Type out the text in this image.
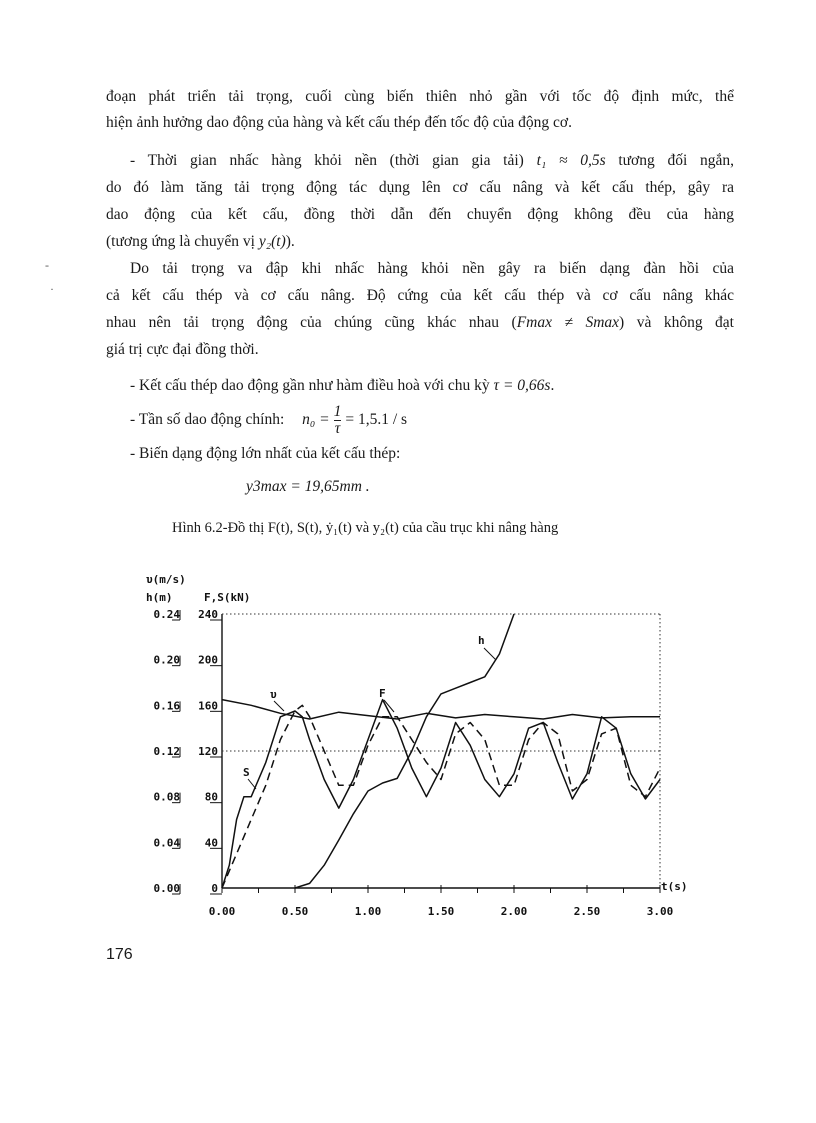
đoạn phát triển tải trọng, cuối cùng biến thiên nhỏ gần với tốc độ định mức, thể
hiện ảnh hưởng dao động của hàng và kết cấu thép đến tốc độ của động cơ.
- Thời gian nhấc hàng khỏi nền (thời gian gia tải) t₁ ≈ 0,5s tương đối ngắn,
do đó làm tăng tải trọng động tác dụng lên cơ cấu nâng và kết cấu thép, gây ra
dao động của kết cấu, đồng thời dẫn đến chuyển động không đều của hàng
(tương ứng là chuyển vị y₂(t)).
Do tải trọng va đập khi nhấc hàng khỏi nền gây ra biến dạng đàn hồi của
cả kết cấu thép và cơ cấu nâng. Độ cứng của kết cấu thép và cơ cấu nâng khác
nhau nên tải trọng động của chúng cũng khác nhau (Fmax ≠ Smax) và không đạt
giá trị cực đại đồng thời.
- Kết cấu thép dao động gần như hàm điều hoà với chu kỳ τ = 0,66s.
- Tần số dao động chính: $n_0 = \frac{1}{\tau} = 1,5.1 / s$
- Biến dạng động lớn nhất của kết cấu thép:
y3max = 19,65mm .
Hình 6.2-Đồ thị F(t), S(t), ẏ₁(t) và y₂(t) của cầu trục khi nâng hàng
0.00
0.04
0.08
0.12
0.16
0.20
0.24
0
40
80
120
160
200
240
0.00	0.50	1.00	1.50	2.00	2.50	3.00
υ(m/s)
h(m)	F,S(kN)
t(s)
υ	F
S
h
-
·
176
